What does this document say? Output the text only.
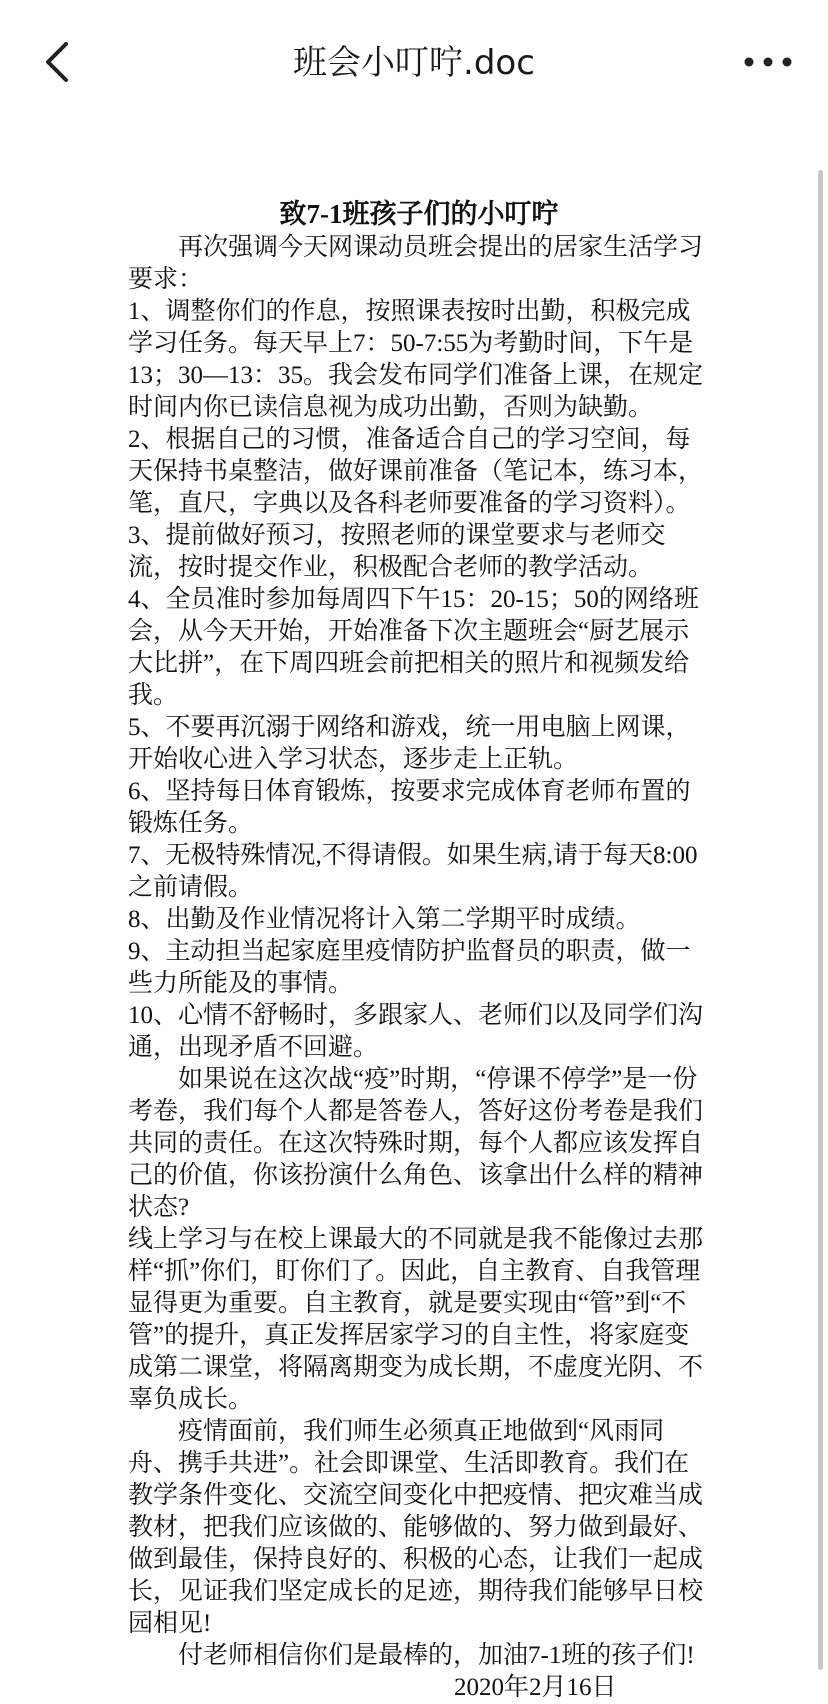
班会小叮咛.doc
致7-1班孩子们的小叮咛

再次强调今天网课动员班会提出的居家生活学习要求：

1、调整你们的作息，按照课表按时出勤，积极完成学习任务。每天早上7：50-7:55为考勤时间，下午是13；30—13：35。我会发布同学们准备上课，在规定时间内你已读信息视为成功出勤，否则为缺勤。

2、根据自己的习惯，准备适合自己的学习空间，每天保持书桌整洁，做好课前准备（笔记本，练习本，笔，直尺，字典以及各科老师要准备的学习资料）。

3、提前做好预习，按照老师的课堂要求与老师交流，按时提交作业，积极配合老师的教学活动。

4、全员准时参加每周四下午15：20-15；50的网络班会，从今天开始，开始准备下次主题班会“厨艺展示大比拼”，在下周四班会前把相关的照片和视频发给我。

5、不要再沉溺于网络和游戏，统一用电脑上网课，开始收心进入学习状态，逐步走上正轨。

6、坚持每日体育锻炼，按要求完成体育老师布置的锻炼任务。

7、无极特殊情况,不得请假。如果生病,请于每天8:00之前请假。

8、出勤及作业情况将计入第二学期平时成绩。

9、主动担当起家庭里疫情防护监督员的职责，做一些力所能及的事情。

10、心情不舒畅时，多跟家人、老师们以及同学们沟通，出现矛盾不回避。

如果说在这次战“疫”时期，“停课不停学”是一份考卷，我们每个人都是答卷人，答好这份考卷是我们共同的责任。在这次特殊时期，每个人都应该发挥自己的价值，你该扮演什么角色、该拿出什么样的精神状态?

线上学习与在校上课最大的不同就是我不能像过去那样“抓”你们，盯你们了。因此，自主教育、自我管理显得更为重要。自主教育，就是要实现由“管”到“不管”的提升，真正发挥居家学习的自主性，将家庭变成第二课堂，将隔离期变为成长期，不虚度光阴、不辜负成长。

疫情面前，我们师生必须真正地做到“风雨同舟、携手共进”。社会即课堂、生活即教育。我们在教学条件变化、交流空间变化中把疫情、把灾难当成教材，把我们应该做的、能够做的、努力做到最好、做到最佳，保持良好的、积极的心态，让我们一起成长，见证我们坚定成长的足迹，期待我们能够早日校园相见!

付老师相信你们是最棒的，加油7-1班的孩子们!

2020年2月16日
